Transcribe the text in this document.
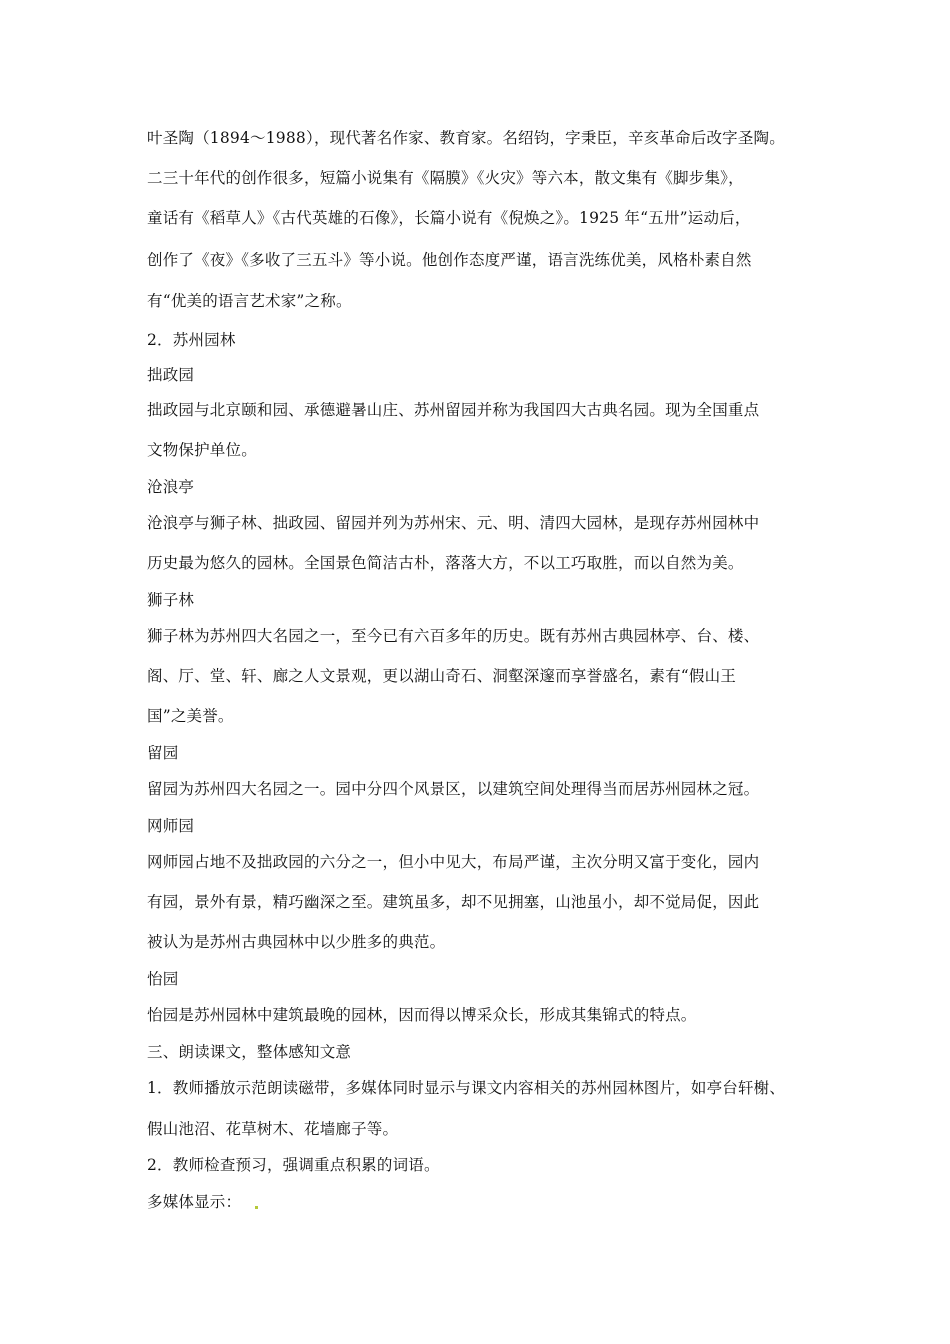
叶圣陶（1894～1988），现代著名作家、教育家。名绍钧，字秉臣，辛亥革命后改字圣陶。
二三十年代的创作很多，短篇小说集有《隔膜》《火灾》等六本，散文集有《脚步集》，
童话有《稻草人》《古代英雄的石像》，长篇小说有《倪焕之》。1925 年“五卅”运动后，
创作了《夜》《多收了三五斗》等小说。他创作态度严谨，语言洗练优美，风格朴素自然
有“优美的语言艺术家”之称。
2．苏州园林
拙政园
拙政园与北京颐和园、承德避暑山庄、苏州留园并称为我国四大古典名园。现为全国重点
文物保护单位。
沧浪亭
沧浪亭与狮子林、拙政园、留园并列为苏州宋、元、明、清四大园林，是现存苏州园林中
历史最为悠久的园林。全国景色简洁古朴，落落大方，不以工巧取胜，而以自然为美。
狮子林
狮子林为苏州四大名园之一，至今已有六百多年的历史。既有苏州古典园林亭、台、楼、
阁、厅、堂、轩、廊之人文景观，更以湖山奇石、洞壑深邃而享誉盛名，素有“假山王
国”之美誉。
留园
留园为苏州四大名园之一。园中分四个风景区，以建筑空间处理得当而居苏州园林之冠。
网师园
网师园占地不及拙政园的六分之一，但小中见大，布局严谨，主次分明又富于变化，园内
有园，景外有景，精巧幽深之至。建筑虽多，却不见拥塞，山池虽小，却不觉局促，因此
被认为是苏州古典园林中以少胜多的典范。
怡园
怡园是苏州园林中建筑最晚的园林，因而得以博采众长，形成其集锦式的特点。
三、朗读课文，整体感知文意
1．教师播放示范朗读磁带，多媒体同时显示与课文内容相关的苏州园林图片，如亭台轩榭、
假山池沼、花草树木、花墙廊子等。
2．教师检查预习，强调重点积累的词语。
多媒体显示：
